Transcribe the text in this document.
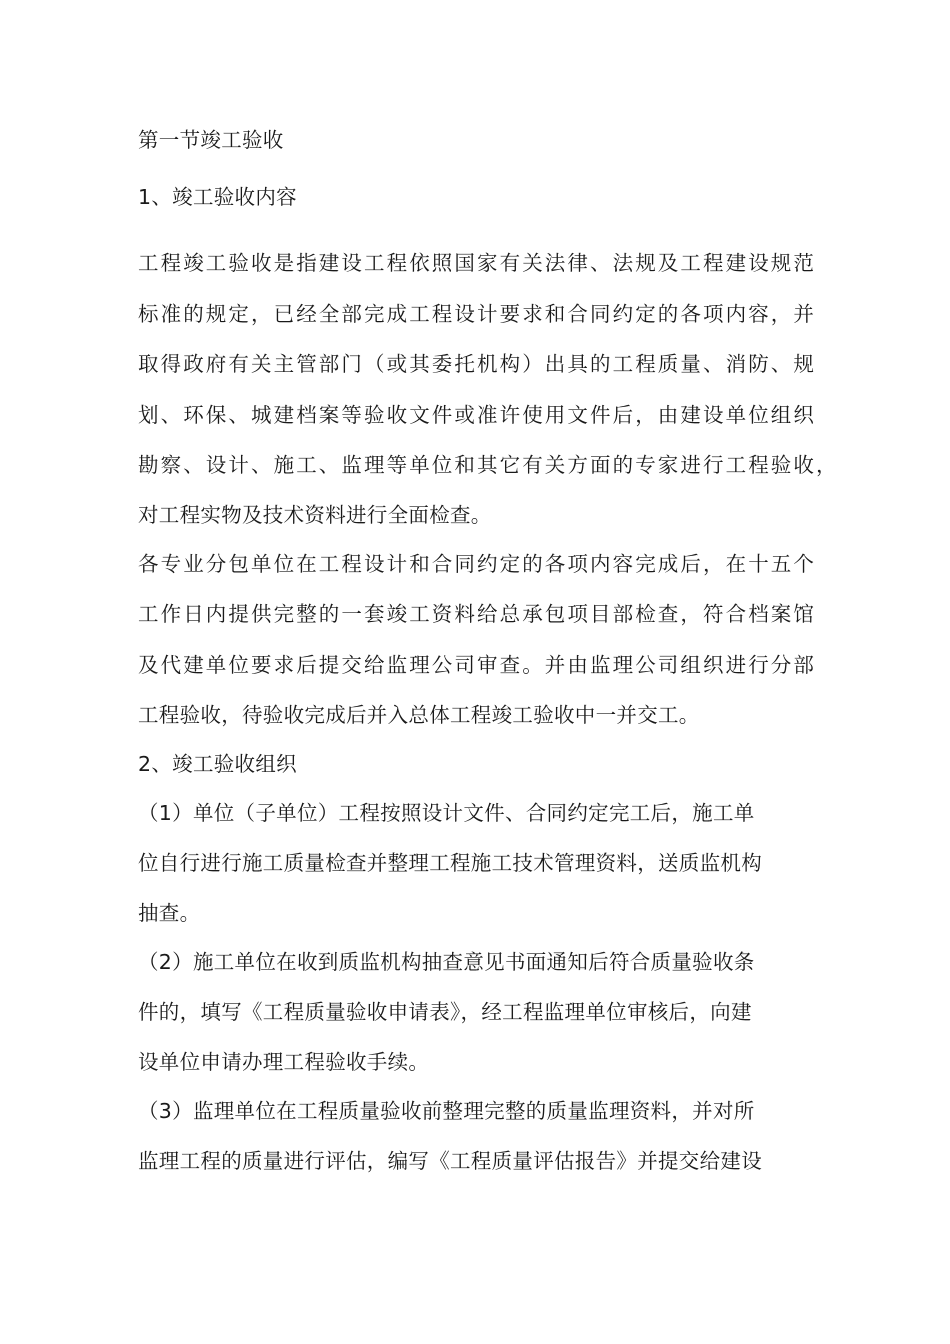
第一节竣工验收
1、竣工验收内容
工程竣工验收是指建设工程依照国家有关法律、法规及工程建设规范
标准的规定，已经全部完成工程设计要求和合同约定的各项内容，并
取得政府有关主管部门（或其委托机构）出具的工程质量、消防、规
划、环保、城建档案等验收文件或准许使用文件后，由建设单位组织
勘察、设计、施工、监理等单位和其它有关方面的专家进行工程验收，
对工程实物及技术资料进行全面检查。
各专业分包单位在工程设计和合同约定的各项内容完成后，在十五个
工作日内提供完整的一套竣工资料给总承包项目部检查，符合档案馆
及代建单位要求后提交给监理公司审查。并由监理公司组织进行分部
工程验收，待验收完成后并入总体工程竣工验收中一并交工。
2、竣工验收组织
（1）单位（子单位）工程按照设计文件、合同约定完工后，施工单
位自行进行施工质量检查并整理工程施工技术管理资料，送质监机构
抽查。
（2）施工单位在收到质监机构抽查意见书面通知后符合质量验收条
件的，填写《工程质量验收申请表》，经工程监理单位审核后，向建
设单位申请办理工程验收手续。
（3）监理单位在工程质量验收前整理完整的质量监理资料，并对所
监理工程的质量进行评估，编写《工程质量评估报告》并提交给建设
